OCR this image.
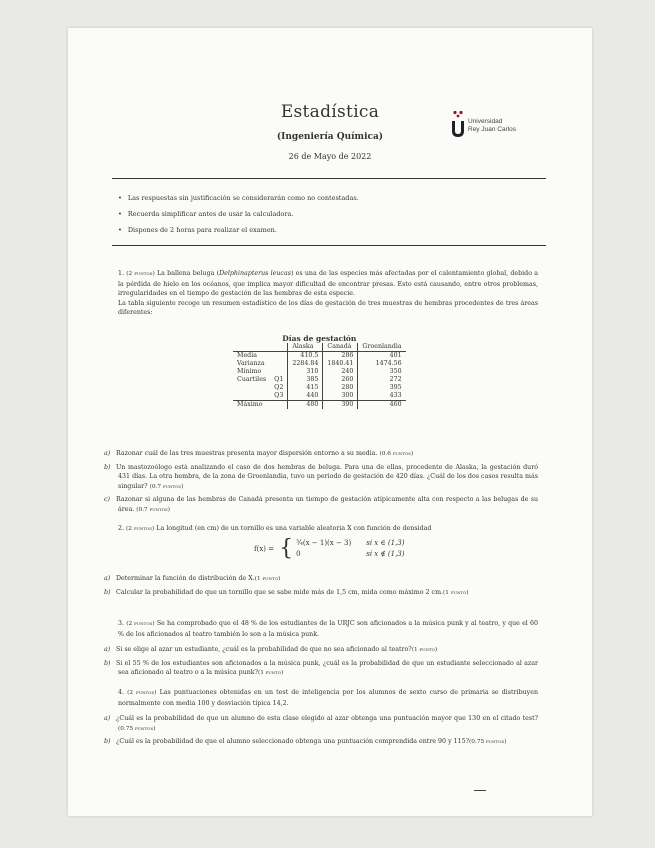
Estadística
(Ingeniería Química)
26 de Mayo de 2022
Universidad
Rey Juan Carlos
• Las respuestas sin justificación se considerarán como no contestadas.
• Recuerda simplificar antes de usar la calculadora.
• Dispones de 2 horas para realizar el examen.

1. (2 puntos) La ballena beluga (Delphinapterus leucas) es una de las especies más afectadas por el calentamiento global, debido a la pérdida de hielo en los océanos, que implica mayor dificultad de encontrar presas. Esto está causando, entre otros problemas, irregularidades en el tiempo de gestación de las hembras de esta especie.

La tabla siguiente recoge un resumen estadístico de los días de gestación de tres muestras de hembras procedentes de tres áreas diferentes:

Días de gestación
		Alaska	Canadá	Groenlandia
Media		410.5	286	401
Varianza		2284.84	1840.41	1474.56
Mínimo		310	240	350
Cuartiles	Q1	385	260	272
	Q2	415	280	395
	Q3	440	300	433
Máximo		480	390	460

a) Razonar cuál de las tres muestras presenta mayor dispersión entorno a su media. (0.6 puntos)

b) Un mastozoólogo está analizando el caso de dos hembras de beluga. Para una de ellas, procedente de Alaska, la gestación duró 431 días. La otra hembra, de la zona de Groenlandia, tuvo un periodo de gestación de 420 días. ¿Cuál de los dos casos resulta más singular? (0.7 puntos)

c) Razonar si alguna de las hembras de Canadá presenta un tiempo de gestación atípicamente alta con respecto a las belugas de su área. (0.7 puntos)

2. (2 puntos) La longitud (en cm) de un tornillo es una variable aleatoria X con función de densidad

f(x) =	{	¾(x − 1)(x − 3)	si x ∈ (1,3)
		0	si x ∉ (1,3)

a) Determinar la función de distribución de X.(1 punto)

b) Calcular la probabilidad de que un tornillo que se sabe mide más de 1,5 cm, mida como máximo 2 cm.(1 punto)

3. (2 puntos) Se ha comprobado que el 48 % de los estudiantes de la URJC son aficionados a la música punk y al teatro, y que el 60 % de los aficionados al teatro también lo son a la música punk.

a) Si se elige al azar un estudiante, ¿cuál es la probabilidad de que no sea aficionado al teatro?(1 punto)

b) Si el 55 % de los estudiantes son aficionados a la música punk, ¿cuál es la probabilidad de que un estudiante seleccionado al azar sea aficionado al teatro o a la música punk?(1 punto)

4. (2 puntos) Las puntuaciones obtenidas en un test de inteligencia por los alumnos de sexto curso de primaria se distribuyen normalmente con media 100 y desviación típica 14,2.

a) ¿Cuál es la probabilidad de que un alumno de esta clase elegido al azar obtenga una puntuación mayor que 130 en el citado test?(0.75 puntos)

b) ¿Cuál es la probabilidad de que el alumno seleccionado obtenga una puntuación comprendida entre 90 y 115?(0.75 puntos)
